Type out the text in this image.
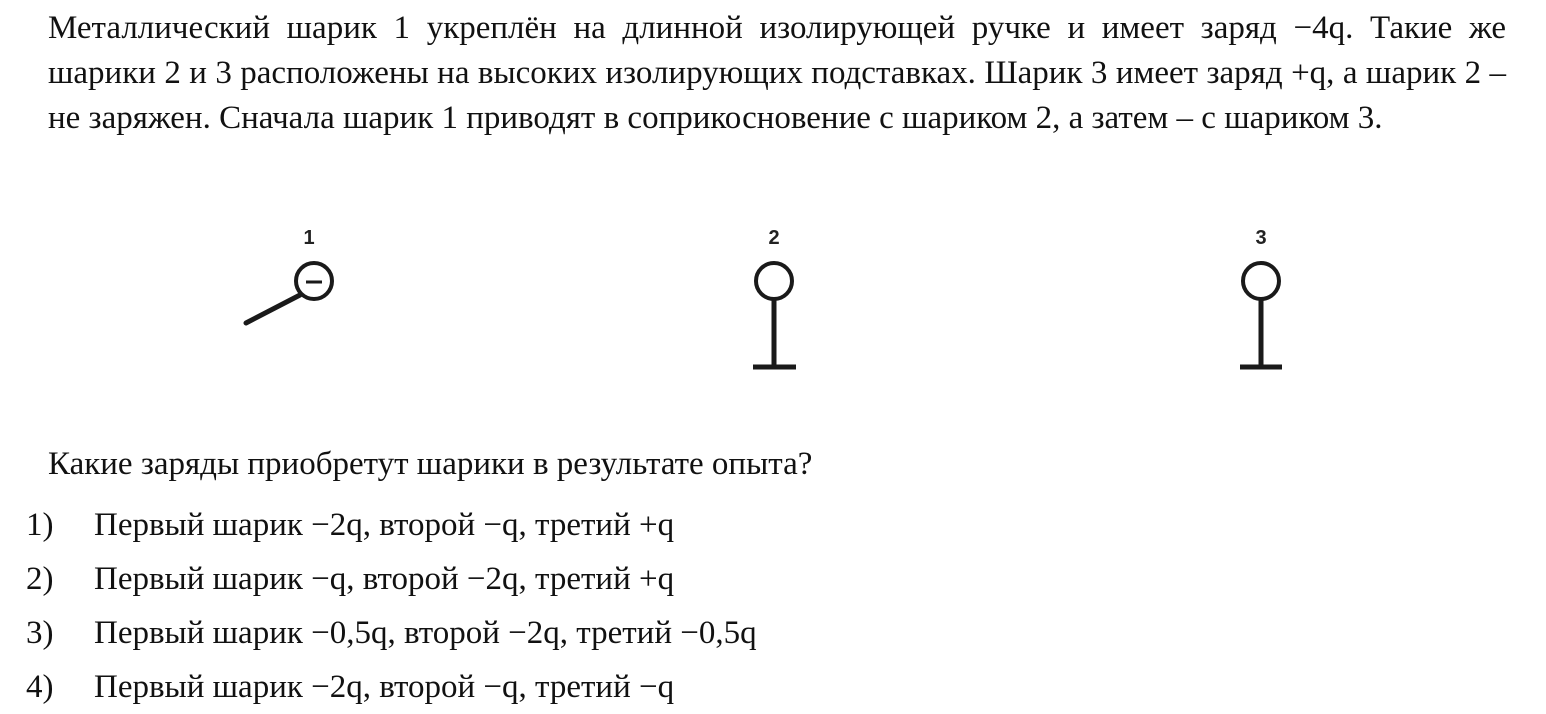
Металлический шарик 1 укреплён на длинной изолирующей ручке и имеет заряд −4q. Такие же шарики 2 и 3 расположены на высоких изолирующих подставках. Шарик 3 имеет заряд +q, а шарик 2 – не заряжен. Сначала шарик 1 приводят в соприкосновение с шариком 2, а затем – с шариком 3.
1	2	3
Какие заряды приобретут шарики в результате опыта?
1) Первый шарик −2q, второй −q, третий +q
2) Первый шарик −q, второй −2q, третий +q
3) Первый шарик −0,5q, второй −2q, третий −0,5q
4) Первый шарик −2q, второй −q, третий −q
